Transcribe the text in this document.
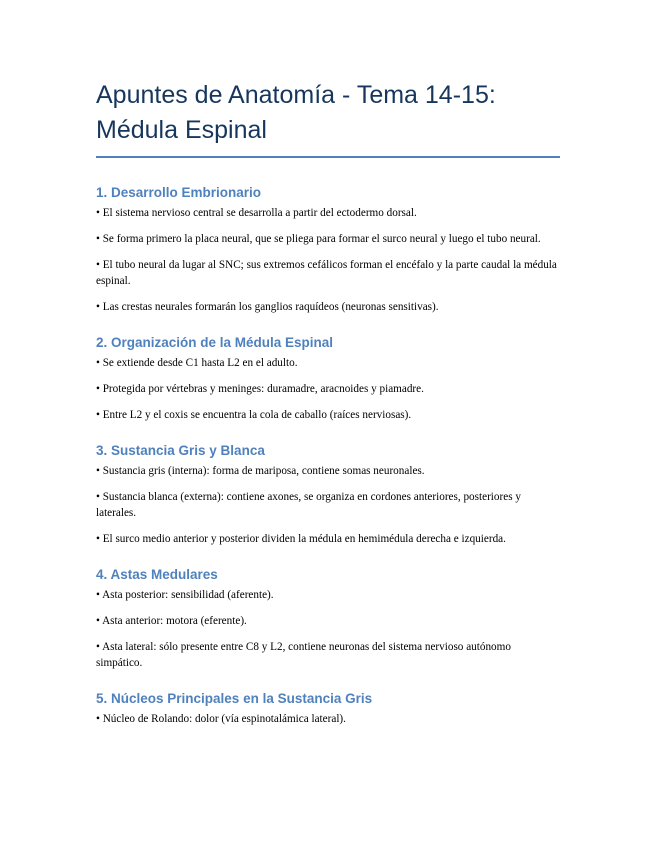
Apuntes de Anatomía - Tema 14-15:
Médula Espinal
1. Desarrollo Embrionario

• El sistema nervioso central se desarrolla a partir del ectodermo dorsal.

• Se forma primero la placa neural, que se pliega para formar el surco neural y luego el tubo neural.

• El tubo neural da lugar al SNC; sus extremos cefálicos forman el encéfalo y la parte caudal la médula espinal.

• Las crestas neurales formarán los ganglios raquídeos (neuronas sensitivas).

2. Organización de la Médula Espinal

• Se extiende desde C1 hasta L2 en el adulto.

• Protegida por vértebras y meninges: duramadre, aracnoides y piamadre.

• Entre L2 y el coxis se encuentra la cola de caballo (raíces nerviosas).

3. Sustancia Gris y Blanca

• Sustancia gris (interna): forma de mariposa, contiene somas neuronales.

• Sustancia blanca (externa): contiene axones, se organiza en cordones anteriores, posteriores y laterales.

• El surco medio anterior y posterior dividen la médula en hemimédula derecha e izquierda.

4. Astas Medulares

• Asta posterior: sensibilidad (aferente).

• Asta anterior: motora (eferente).

• Asta lateral: sólo presente entre C8 y L2, contiene neuronas del sistema nervioso autónomo simpático.

5. Núcleos Principales en la Sustancia Gris

• Núcleo de Rolando: dolor (vía espinotalámica lateral).
